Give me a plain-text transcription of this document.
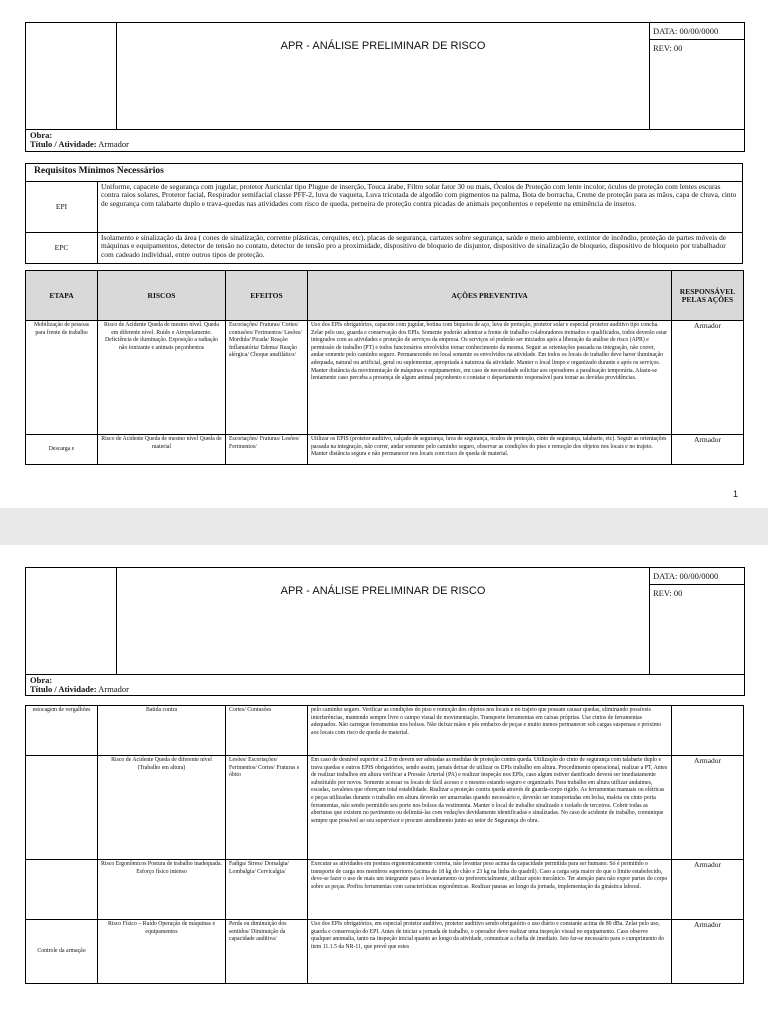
APR - ANÁLISE PRELIMINAR DE RISCO
DATA: 00/00/0000
REV: 00
Obra:
Título / Atividade: Armador
Requisitos Mínimos Necessários	
EPI	Uniforme, capacete de segurança com jugular, protetor Auricular tipo Plugue de inserção, Touca árabe, Filtro solar fator 30 ou mais, Óculos de Proteção com lente incolor, óculos de proteção com lentes escuras contra raios solares, Protetor facial, Respirador semifacial classe PFF-2, luva de vaqueta, Luva tricotada de algodão com pigmentos na palma, Bota de borracha, Creme de proteção para as mãos, capa de chuva, cinto de segurança com talabarte duplo e trava-quedas nas atividades com risco de queda, perneira de proteção contra picadas de animais peçonhentos e repelente na eminência de insetos.
EPC	Isolamento e sinalização da área ( cones de sinalização, corrente plásticas, cerquites, etc), placas de segurança, cartazes sobre segurança, saúde e meio ambiente, extintor de incêndio, proteção de partes móveis de máquinas e equipamentos, detector de tensão no contato, detector de tensão pro a proximidade, dispositivo de bloqueio de disjuntor, dispositivo de sinalização de bloqueio, dispositivo de bloqueio por trabalhador com cadeado individual, entre outros tipos de proteção.
ETAPA	RISCOS	EFEITOS	AÇÕES PREVENTIVA	RESPONSÁVEL PELAS AÇÕES
Mobilização de pessoas para frente de trabalho	Risco de Acidente Queda de mesmo nível. Queda em diferente nível. Ruído e Atropelamento. Deficiência de iluminação. Exposição a radiação não ionizante e animais peçonhentos	Escoriações/ Fraturas/ Cortes/ contusões/ Ferimentos/ Lesões/ Mordida/ Picada/ Reação Inflamatória/ Edema/ Reação alérgica/ Choque anafilático/	Uso dos EPIs obrigatórios, capacete com jugular, botina com biqueira de aço, luva de proteção, protetor solar e especial protetor auditivo tipo concha. Zelar pelo uso, guarda e conservação dos EPIs. Somente poderão adentrar a frente de trabalho colaboradores treinados e qualificados, todos deverão estar integrados com as atividades e proteção de serviços da empresa. Os serviços só poderão ser iniciados após a liberação da análise de risco (APR) e permissão de trabalho (PT) e todos funcionários envolvidos tomar conhecimento da mesma. Seguir as orientações passada na integração, não correr, andar somente pelo caminho seguro. Permanecendo no local somente os envolvidos na atividade. Em todos os locais de trabalho deve haver iluminação adequada, natural ou artificial, geral ou suplementar, apropriada à natureza da atividade. Manter o local limpo e organizado durante e após os serviços. Manter distância da movimentação de máquinas e equipamentos, em caso de necessidade solicitar aos operadores a paralisação temporária. Afaste-se lentamente caso perceba a presença de algum animal peçonhento e contatar o departamento responsável para tomar as devidas providências.	Armador
Descarga e	Risco de Acidente Queda de mesmo nível Queda de material	Escoriações/ Fraturas/ Lesões/ Ferimentos/	Utilizar os EPIS (protetor auditivo, calçado de segurança, luva de segurança, óculos de proteção, cinto de segurança, talabarte, etc). Seguir as orientações passada na integração, não correr, andar somente pelo caminho seguro, observar as condições do piso e remoção dos objetos nos locais e no trajeto. Manter distância segura e não permanecer nos locais com risco de queda de material.	Armador
1
APR - ANÁLISE PRELIMINAR DE RISCO
DATA: 00/00/0000
REV: 00
Obra:
Título / Atividade: Armador
estocagem de vergalhões	Batida contra	Cortes/ Contusões	pelo caminho seguro. Verificar as condições do piso e remoção dos objetos nos locais e no trajeto que possam causar quedas, eliminando possíveis interferências, mantendo sempre livre o campo visual de movimentação. Transporte ferramentas em caixas próprias. Use cintos de ferramentas adequados. Não carregue ferramentas nos bolsos. Não deixar mãos e pés embaixo de peças e muito menos permanecer sob cargas suspensas e próximo aos locais com risco de queda de material.	
	Risco de Acidente Queda de diferente nível (Trabalho em altura)	Lesões/ Escoriações/ Ferimentos/ Cortes/ Fraturas e óbito	Em caso de desnível superior a 2.0 m devem ser adotadas as medidas de proteção contra queda. Utilização do cinto de segurança com talabarte duplo e trava quedas e outros EPIS obrigatórios, sendo assim, jamais deixar de utilizar os EPIs trabalho em altura. Procedimento operacional, realizar a PT, Antes de realizar trabalhos em altura verificar a Pressão Arterial (PA) e realizar inspeção nos EPIs, caso algum estiver danificado deverá ser imediatamente substituído por novos. Somente acessar os locais de fácil acesso e o mesmo estando seguro e organizado. Para trabalho em altura utilizar andaimes, escadas, cavaletes que ofereçam total estabilidade. Realizar a proteção contra queda através de guarda-corpo rígido. As ferramentas manuais ou elétricas e peças utilizadas durante o trabalho em altura deverão ser amarradas quando necessário e, deverão ser transportadas em bolsa, maleta ou cinto porta ferramentas, não sendo permitido seu porte nos bolsos da vestimenta. Manter o local de trabalho sinalizado e isolado de terceiros. Cobrir todas as aberturas que existem no pavimento ou delimitá-las com vedações devidamente identificadas e sinalizadas. No caso de acidente de trabalho, comunique sempre que possível ao seu supervisor e procure atendimento junto ao setor de Segurança do obra.	Armador
	Risco Ergonômicos Postura de trabalho inadequada. Esforço físico intenso	Fadiga/ Stress/ Dorsalgia/ Lombalgia/ Cervicalgia/	Executar as atividades em postura ergonomicamente correta, não levantar peso acima da capacidade permitida para ser humano. Só é permitido o transporte de carga nos membros superiores (acima de 18 kg do chão e 23 kg na linha do quadril). Caso a carga seja maior do que o limite estabelecido, deve-se fazer o uso de mais um integrante para o levantamento ou preferencialmente, utilizar apoio mecânico. Ter atenção para não expor partes do corpo sobre as peças. Prefira ferramentas com características ergonômicas. Realizar pausas ao longo da jornada, implementação da ginástica laboral.	Armador
Controle da armação	Risco Físico – Ruído Operação de máquinas e equipamentos	Perda ou diminuição dos sentidos/ Diminuição da capacidade auditiva/	Uso dos EPIs obrigatórios, em especial protetor auditivo, protetor auditivo sendo obrigatório o uso diário e constante acima de 80 dBa. Zelar pelo uso, guarda e conservação do EPI. Antes de iniciar a jornada de trabalho, o operador deve realizar uma inspeção visual no equipamento. Caso observe qualquer anomalia, tanto na inspeção inicial quanto ao longo da atividade, comunicar a chefia de imediato. Isto far-se necessário para o cumprimento do item 11.1.5 da NR-11, que prevê que estes	Armador
